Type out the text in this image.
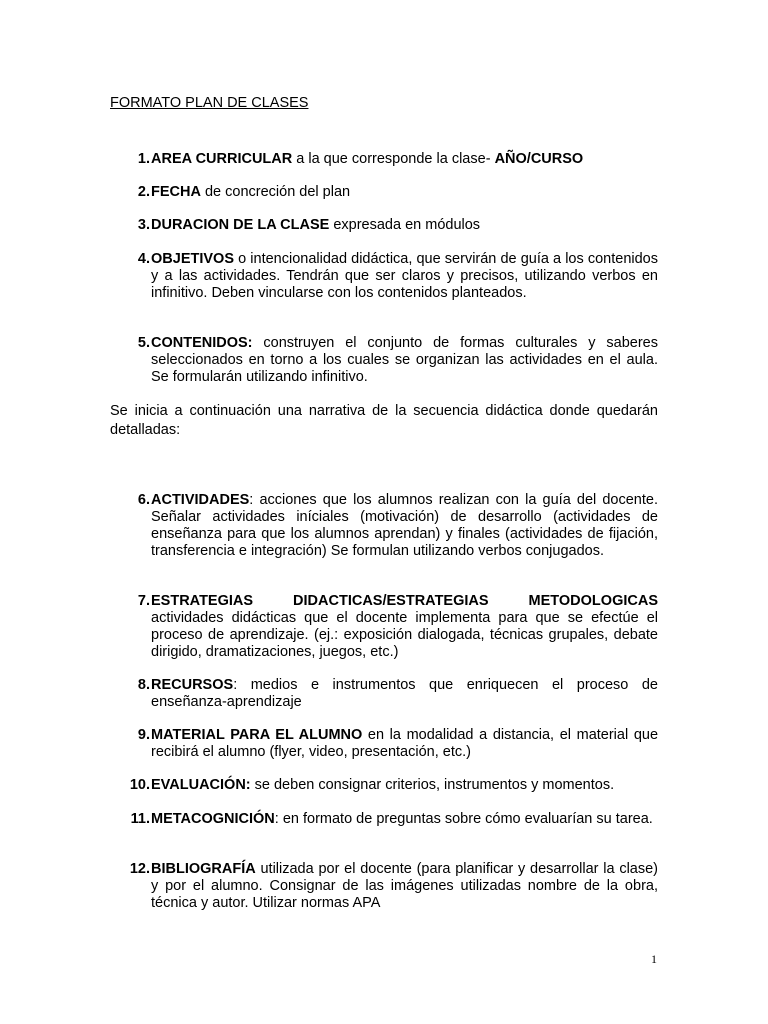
FORMATO PLAN DE CLASES
1. AREA CURRICULAR a la que corresponde la clase- AÑO/CURSO
2. FECHA de concreción del plan
3. DURACION DE LA CLASE expresada en módulos
4. OBJETIVOS o intencionalidad didáctica, que servirán de guía a los contenidos y a las actividades. Tendrán que ser claros y precisos, utilizando verbos en infinitivo. Deben vincularse con los contenidos planteados.
5. CONTENIDOS: construyen el conjunto de formas culturales y saberes seleccionados en torno a los cuales se organizan las actividades en el aula. Se formularán utilizando infinitivo.
Se inicia a continuación una narrativa de la secuencia didáctica donde quedarán detalladas:
6. ACTIVIDADES: acciones que los alumnos realizan con la guía del docente. Señalar actividades iníciales (motivación) de desarrollo (actividades de enseñanza para que los alumnos aprendan) y finales (actividades de fijación, transferencia e integración) Se formulan utilizando verbos conjugados.
7. ESTRATEGIAS DIDACTICAS/ESTRATEGIAS METODOLOGICAS actividades didácticas que el docente implementa para que se efectúe el proceso de aprendizaje. (ej.: exposición dialogada, técnicas grupales, debate dirigido, dramatizaciones, juegos, etc.)
8. RECURSOS: medios e instrumentos que enriquecen el proceso de enseñanza-aprendizaje
9. MATERIAL PARA EL ALUMNO en la modalidad a distancia, el material que recibirá el alumno (flyer, video, presentación, etc.)
10. EVALUACIÓN: se deben consignar criterios, instrumentos y momentos.
11. METACOGNICIÓN: en formato de preguntas sobre cómo evaluarían su tarea.
12. BIBLIOGRAFÍA utilizada por el docente (para planificar y desarrollar la clase) y por el alumno. Consignar de las imágenes utilizadas nombre de la obra, técnica y autor. Utilizar normas APA
1
